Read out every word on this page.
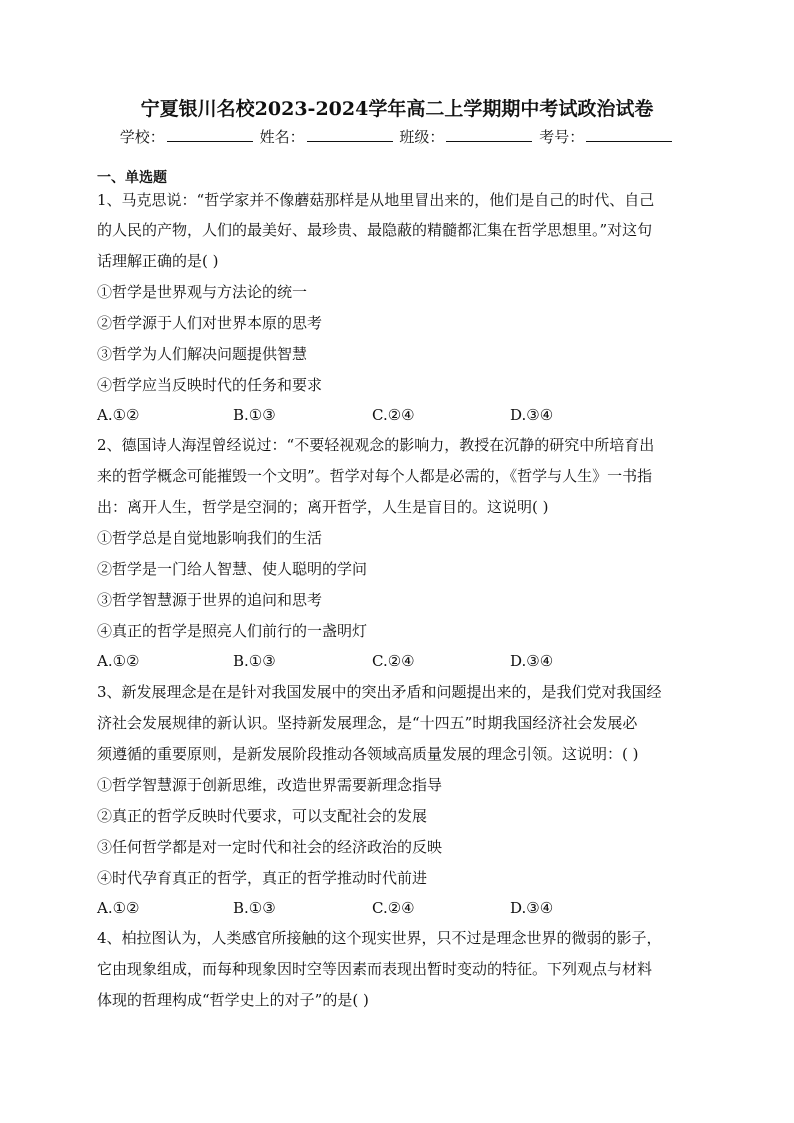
宁夏银川名校2023-2024学年高二上学期期中考试政治试卷
学校：	姓名：	班级：	考号：
一、单选题
1、马克思说：“哲学家并不像蘑菇那样是从地里冒出来的，他们是自己的时代、自己
的人民的产物，人们的最美好、最珍贵、最隐蔽的精髓都汇集在哲学思想里。”对这句
话理解正确的是( )
①哲学是世界观与方法论的统一
②哲学源于人们对世界本原的思考
③哲学为人们解决问题提供智慧
④哲学应当反映时代的任务和要求
A.①②	B.①③	C.②④	D.③④
2、德国诗人海涅曾经说过：“不要轻视观念的影响力，教授在沉静的研究中所培育出
来的哲学概念可能摧毁一个文明”。哲学对每个人都是必需的，《哲学与人生》一书指
出：离开人生，哲学是空洞的；离开哲学，人生是盲目的。这说明( )
①哲学总是自觉地影响我们的生活
②哲学是一门给人智慧、使人聪明的学问
③哲学智慧源于世界的追问和思考
④真正的哲学是照亮人们前行的一盏明灯
A.①②	B.①③	C.②④	D.③④
3、新发展理念是在是针对我国发展中的突出矛盾和问题提出来的，是我们党对我国经
济社会发展规律的新认识。坚持新发展理念，是“十四五”时期我国经济社会发展必
须遵循的重要原则，是新发展阶段推动各领域高质量发展的理念引领。这说明：( )
①哲学智慧源于创新思维，改造世界需要新理念指导
②真正的哲学反映时代要求，可以支配社会的发展
③任何哲学都是对一定时代和社会的经济政治的反映
④时代孕育真正的哲学，真正的哲学推动时代前进
A.①②	B.①③	C.②④	D.③④
4、柏拉图认为，人类感官所接触的这个现实世界，只不过是理念世界的微弱的影子，
它由现象组成，而每种现象因时空等因素而表现出暂时变动的特征。下列观点与材料
体现的哲理构成“哲学史上的对子”的是( )
